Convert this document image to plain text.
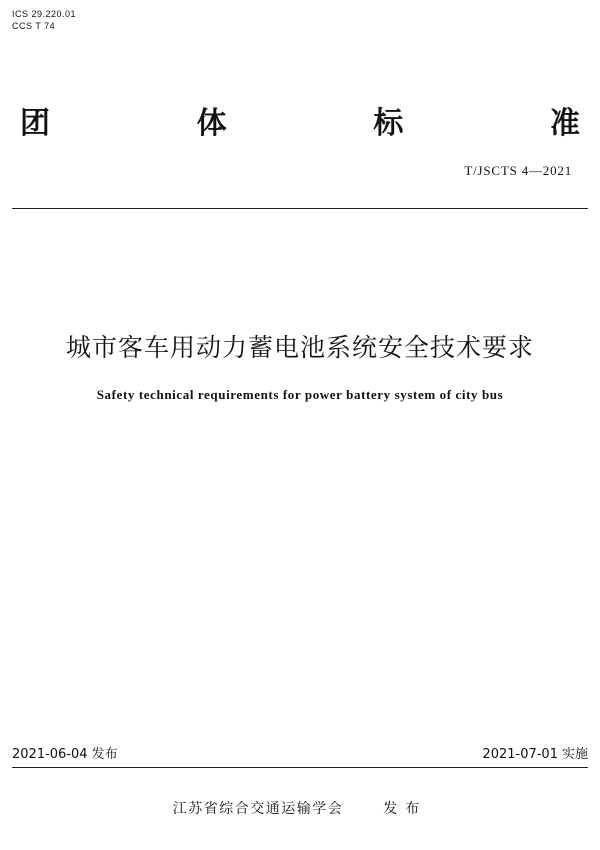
ICS 29.220.01
CCS T 74
团	体	标	准
T/JSCTS 4—2021
城市客车用动力蓄电池系统安全技术要求
Safety technical requirements for power battery system of city bus
2021-06-04 发布	2021-07-01 实施
江苏省综合交通运输学会	发布
